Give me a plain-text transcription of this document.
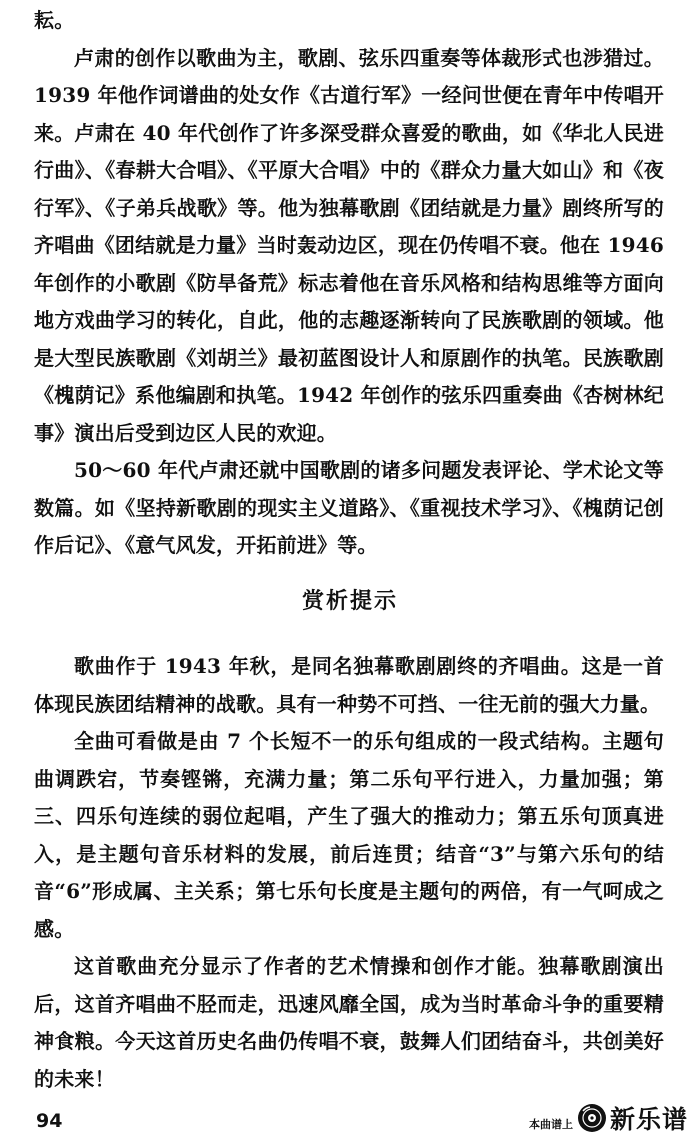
耘。

卢肃的创作以歌曲为主，歌剧、弦乐四重奏等体裁形式也涉猎过。1939 年他作词谱曲的处女作《古道行军》一经问世便在青年中传唱开来。卢肃在 40 年代创作了许多深受群众喜爱的歌曲，如《华北人民进行曲》、《春耕大合唱》、《平原大合唱》中的《群众力量大如山》和《夜行军》、《子弟兵战歌》等。他为独幕歌剧《团结就是力量》剧终所写的齐唱曲《团结就是力量》当时轰动边区，现在仍传唱不衰。他在 1946 年创作的小歌剧《防旱备荒》标志着他在音乐风格和结构思维等方面向地方戏曲学习的转化，自此，他的志趣逐渐转向了民族歌剧的领域。他是大型民族歌剧《刘胡兰》最初蓝图设计人和原剧作的执笔。民族歌剧《槐荫记》系他编剧和执笔。1942 年创作的弦乐四重奏曲《杏树林纪事》演出后受到边区人民的欢迎。

50～60 年代卢肃还就中国歌剧的诸多问题发表评论、学术论文等数篇。如《坚持新歌剧的现实主义道路》、《重视技术学习》、《槐荫记创作后记》、《意气风发，开拓前进》等。

赏析提示

歌曲作于 1943 年秋，是同名独幕歌剧剧终的齐唱曲。这是一首体现民族团结精神的战歌。具有一种势不可挡、一往无前的强大力量。

全曲可看做是由 7 个长短不一的乐句组成的一段式结构。主题句曲调跌宕，节奏铿锵，充满力量；第二乐句平行进入，力量加强；第三、四乐句连续的弱位起唱，产生了强大的推动力；第五乐句顶真进入，是主题句音乐材料的发展，前后连贯；结音“3”与第六乐句的结音“6”形成属、主关系；第七乐句长度是主题句的两倍，有一气呵成之感。

这首歌曲充分显示了作者的艺术情操和创作才能。独幕歌剧演出后，这首齐唱曲不胫而走，迅速风靡全国，成为当时革命斗争的重要精神食粮。今天这首历史名曲仍传唱不衰，鼓舞人们团结奋斗，共创美好的未来！

94	本曲谱上 新乐谱
